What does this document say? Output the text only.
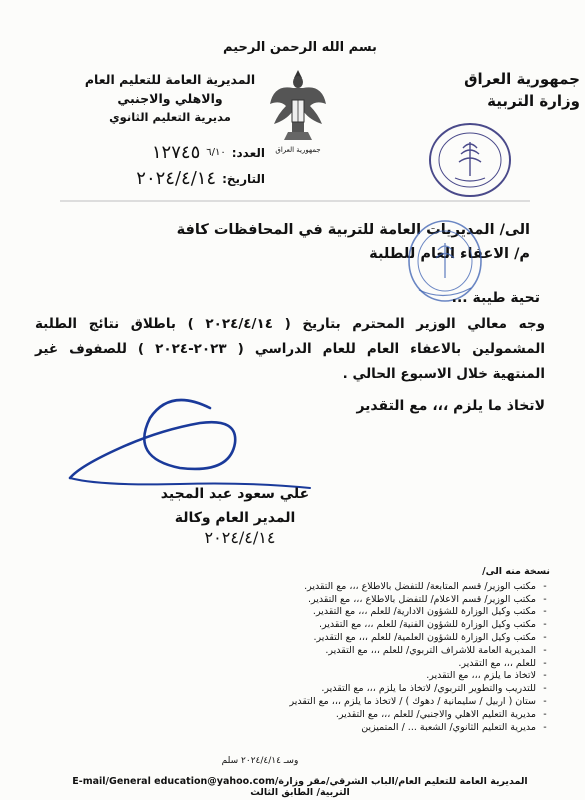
بسم الله الرحمن الرحيم
جمهورية العراق
وزارة التربية
جمهورية العراق
المديرية العامة للتعليم العام
والاهلي والاجنبي
مديرية التعليم الثانوي
العدد:
٦/١٠
١٢٧٤٥
التاريخ:
٢٠٢٤/٤/١٤
الى/ المديريات العامة للتربية في المحافظات كافة
م/ الاعفاء العام للطلبة
تحية طيبة ...
وجه معالي الوزير المحترم بتاريخ ( ٢٠٢٤/٤/١٤ ) باطلاق نتائج الطلبة المشمولين بالاعفاء العام للعام الدراسي ( ٢٠٢٣-٢٠٢٤ ) للصفوف غير المنتهية خلال الاسبوع الحالي .
لاتخاذ ما يلزم ،،، مع التقدير
علي سعود عبد المجيد
المدير العام وكالة
٢٠٢٤/٤/١٤
نسخة منه الى/
-
مكتب الوزير/ قسم المتابعة/ للتفضل بالاطلاع ،،، مع التقدير.
-
مكتب الوزير/ قسم الاعلام/ للتفضل بالاطلاع ،،، مع التقدير.
-
مكتب وكيل الوزارة للشؤون الادارية/ للعلم ،،، مع التقدير.
-
مكتب وكيل الوزارة للشؤون الفنية/ للعلم ،،، مع التقدير.
-
مكتب وكيل الوزارة للشؤون العلمية/ للعلم ،،، مع التقدير.
-
المديرية العامة للاشراف التربوي/ للعلم ،،، مع التقدير.
-
للعلم ،،، مع التقدير.
-
لاتخاذ ما يلزم ،،، مع التقدير.
-
للتدريب والتطوير التربوي/ لاتخاذ ما يلزم ،،، مع التقدير.
-
ستان ( اربيل / سليمانية / دهوك ) / لاتخاذ ما يلزم ،،، مع التقدير
-
مديرية التعليم الاهلي والاجنبي/ للعلم ،،، مع التقدير.
-
مديرية التعليم الثانوي/ الشعبة ... / المتميزين
وسـ ٢٠٢٤/٤/١٤ سلم
E-mail/General education@yahoo.com/المديرية العامة للتعليم العام/الباب الشرقي/مقر وزارة التربية/ الطابق الثالث
